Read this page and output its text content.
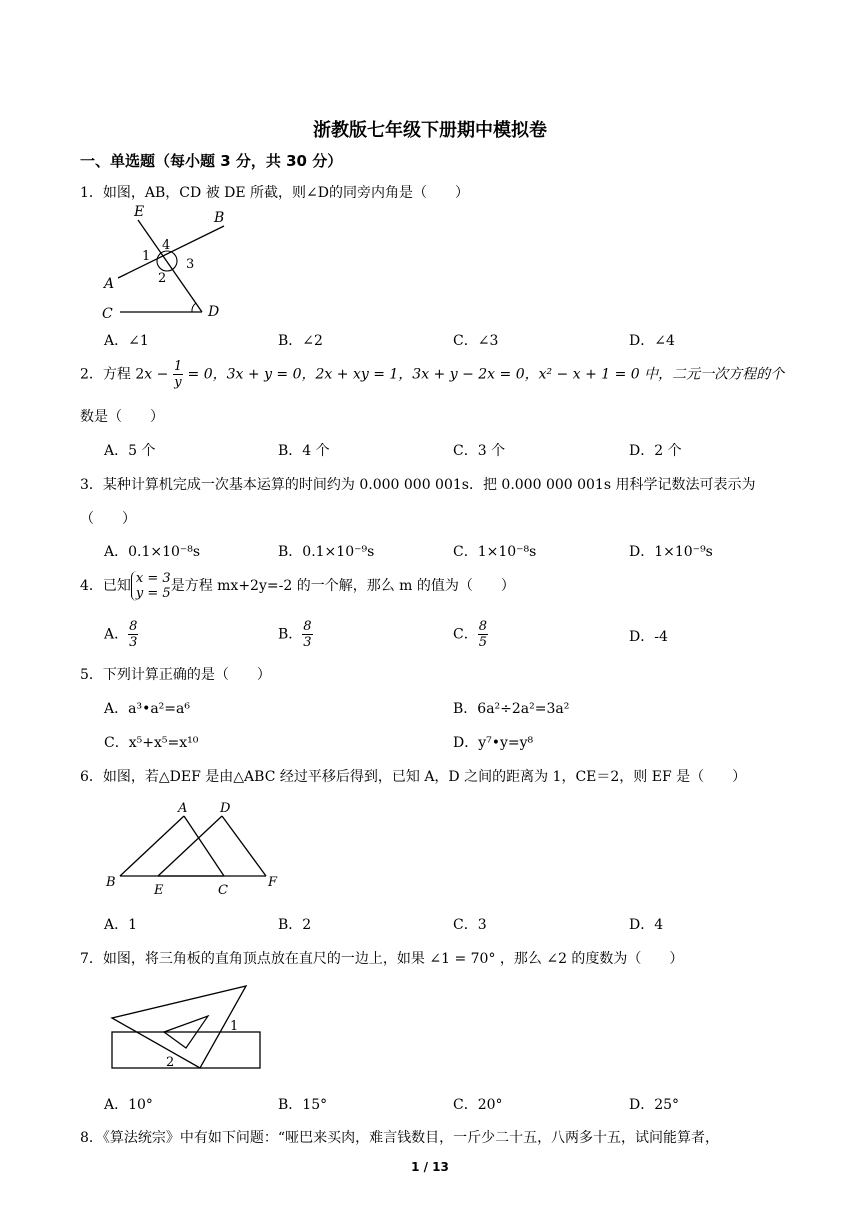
浙教版七年级下册期中模拟卷
一、单选题（每小题 3 分，共 30 分）
1．如图，AB，CD 被 DE 所截，则∠D的同旁内角是（　　）
E	B
A
C	D
1
2
3
4
A．∠1	B．∠2	C．∠3	D．∠4
2．方程 $2x - \frac{1}{y} = 0$，3x + y = 0，2x + xy = 1，3x + y − 2x = 0，x² − x + 1 = 0 中，二元一次方程的个
数是（　　）
A．5 个	B．4 个	C．3 个	D．2 个
3．某种计算机完成一次基本运算的时间约为 0.000 000 001s．把 0.000 000 001s 用科学记数法可表示为
（　　）
A．0.1×10⁻⁸s	B．0.1×10⁻⁹s	C．1×10⁻⁸s	D．1×10⁻⁹s
4．已知 x = 3
y = 5 是方程 mx+2y=-2 的一个解，那么 m 的值为（　　）
A． $\frac{8}{3}$	B． $\frac{8}{3}$	C． $\frac{8}{5}$	D．-4
5．下列计算正确的是（　　）
A．a³•a²=a⁶	B．6a²÷2a²=3a²
C．x⁵+x⁵=x¹⁰	D．y⁷•y=y⁸
6．如图，若△DEF 是由△ABC 经过平移后得到，已知 A，D 之间的距离为 1，CE＝2，则 EF 是（　　）
A	D
B
E	C
F
A．1	B．2	C．3	D．4
7．如图，将三角板的直角顶点放在直尺的一边上，如果 ∠1 = 70° ，那么 ∠2 的度数为（　　）
1
2
A．10°	B．15°	C．20°	D．25°
8．《算法统宗》中有如下问题：“哑巴来买肉，难言钱数目，一斤少二十五，八两多十五，试问能算者，
1 / 13
